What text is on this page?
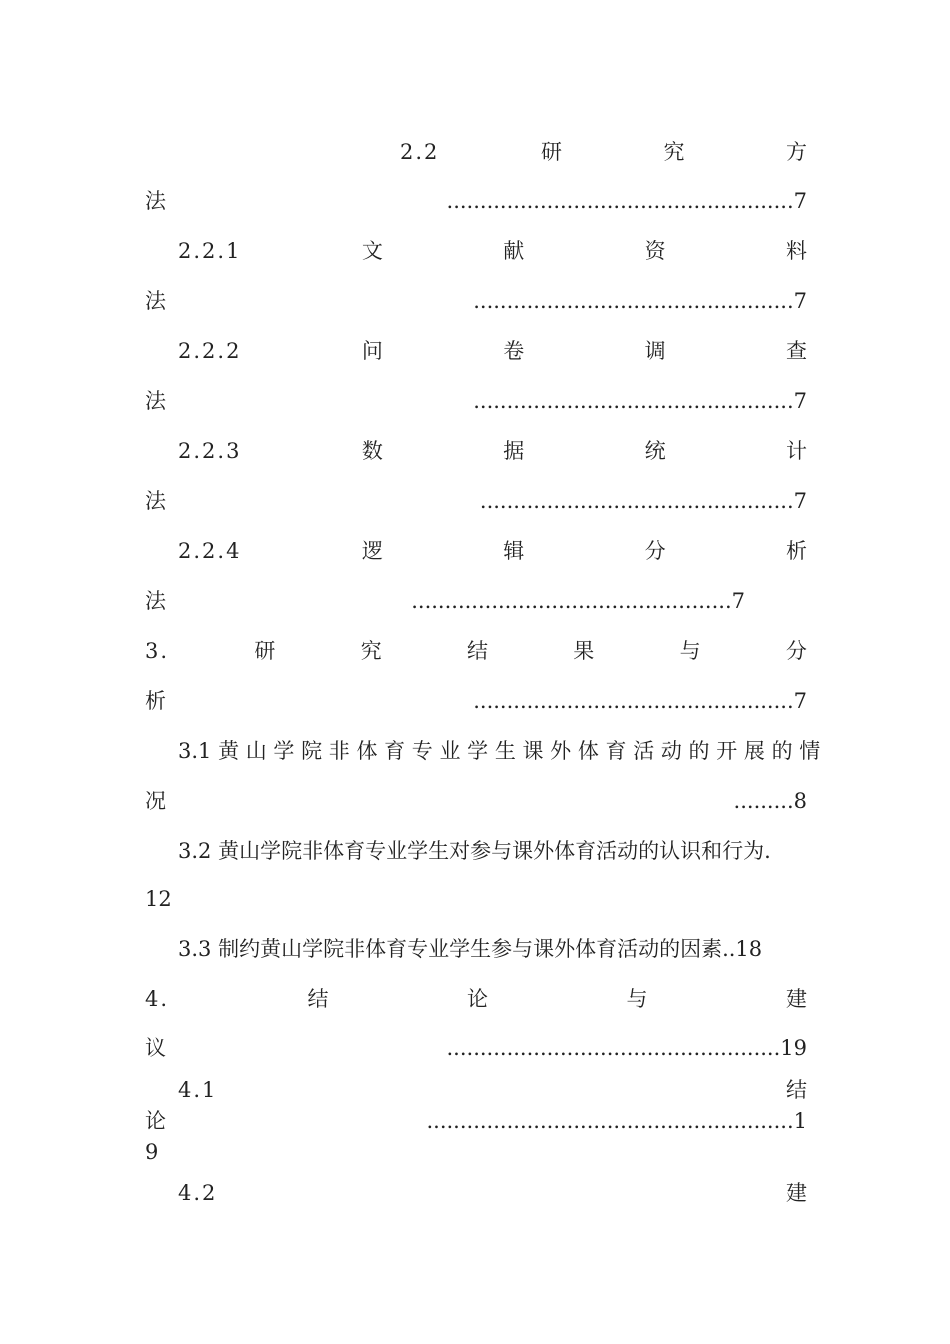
2.2	研	究	方
法	....................................................7
2.2.1	文	献	资	料
法	................................................7
2.2.2	问	卷	调	查
法	................................................7
2.2.3	数	据	统	计
法	...............................................7
2.2.4	逻	辑	分	析
法	................................................7
3.	研	究	结	果	与	分
析	................................................7
3.1 黄 山 学 院 非 体 育 专 业 学 生 课 外 体 育 活 动 的 开 展 的 情
况	.........8
3.2 黄山学院非体育专业学生对参与课外体育活动的认识和行为.
12
3.3 制约黄山学院非体育专业学生参与课外体育活动的因素..18
4.	结	论	与	建
议	..................................................19
4.1	结
论	.......................................................1
9
4.2	建
